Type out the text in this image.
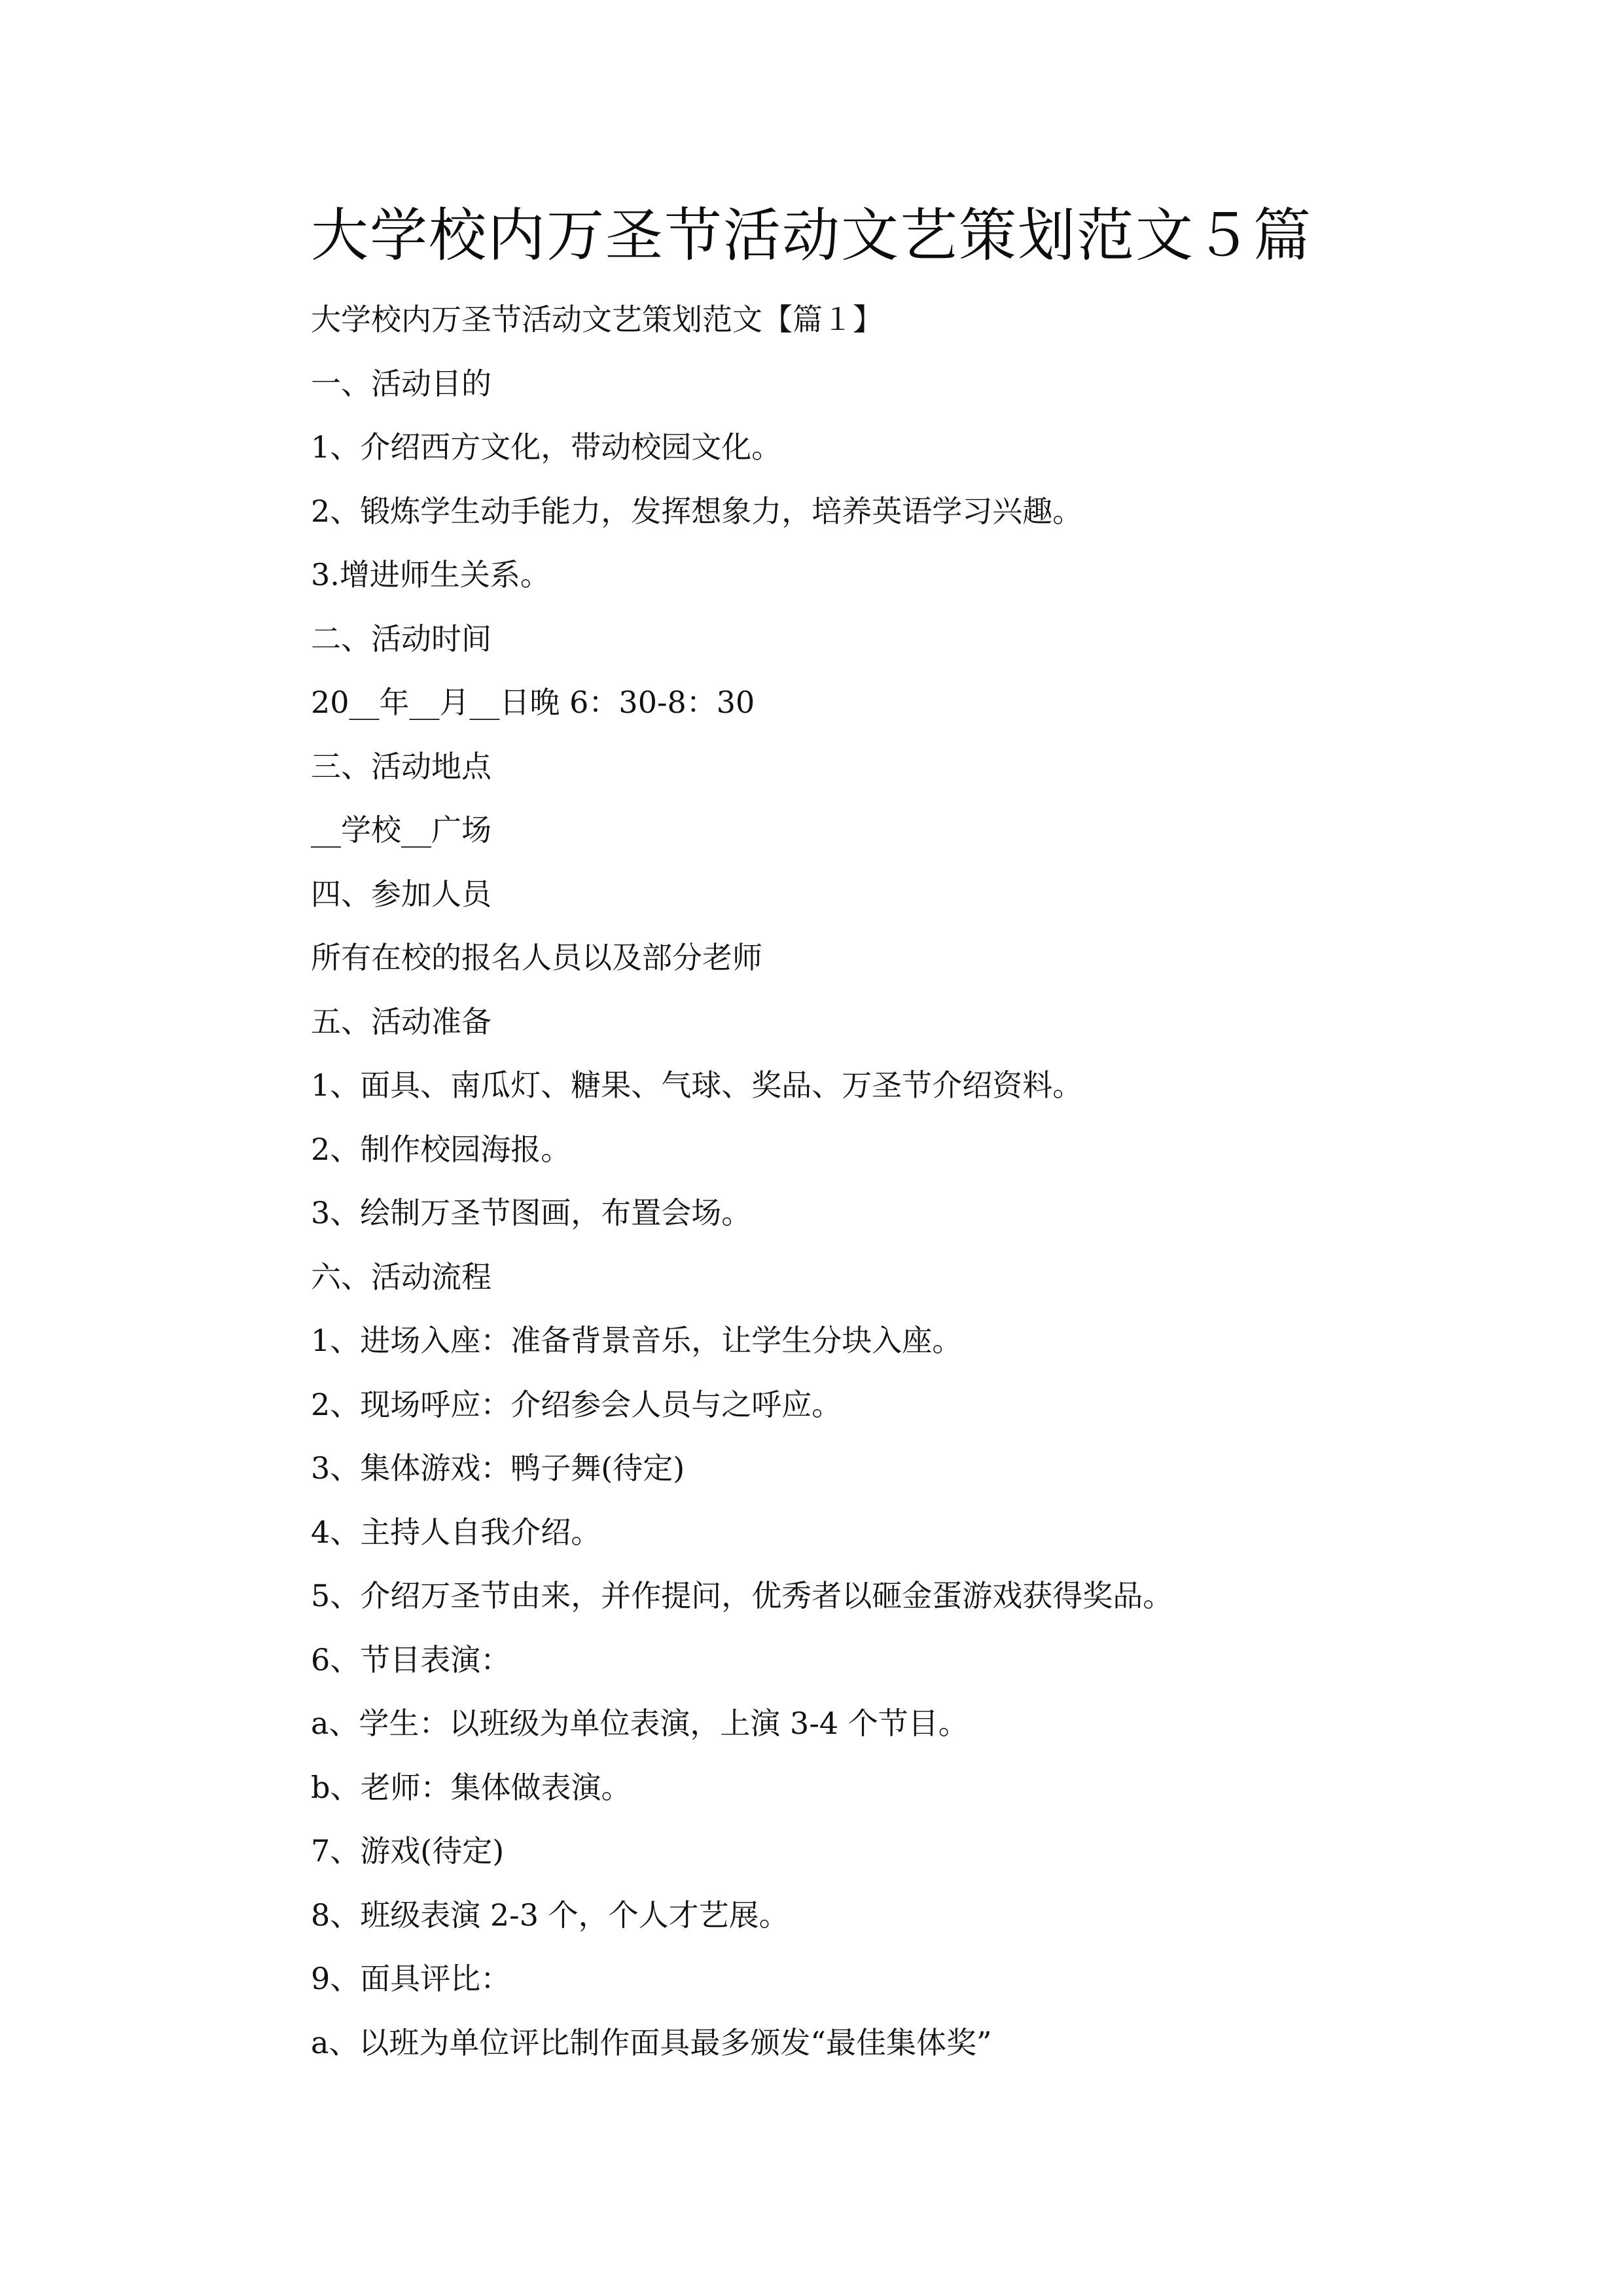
大学校内万圣节活动文艺策划范文５篇
大学校内万圣节活动文艺策划范文【篇１】
一、活动目的
1、介绍西方文化，带动校园文化。
2、锻炼学生动手能力，发挥想象力，培养英语学习兴趣。
3.增进师生关系。
二、活动时间
20__年__月__日晚 6：30-8：30
三、活动地点
__学校__广场
四、参加人员
所有在校的报名人员以及部分老师
五、活动准备
1、面具、南瓜灯、糖果、气球、奖品、万圣节介绍资料。
2、制作校园海报。
3、绘制万圣节图画，布置会场。
六、活动流程
1、进场入座：准备背景音乐，让学生分块入座。
2、现场呼应：介绍参会人员与之呼应。
3、集体游戏：鸭子舞(待定)
4、主持人自我介绍。
5、介绍万圣节由来，并作提问，优秀者以砸金蛋游戏获得奖品。
6、节目表演：
a、学生：以班级为单位表演，上演 3-4 个节目。
b、老师：集体做表演。
7、游戏(待定)
8、班级表演 2-3 个，个人才艺展。
9、面具评比：
a、以班为单位评比制作面具最多颁发“最佳集体奖”
